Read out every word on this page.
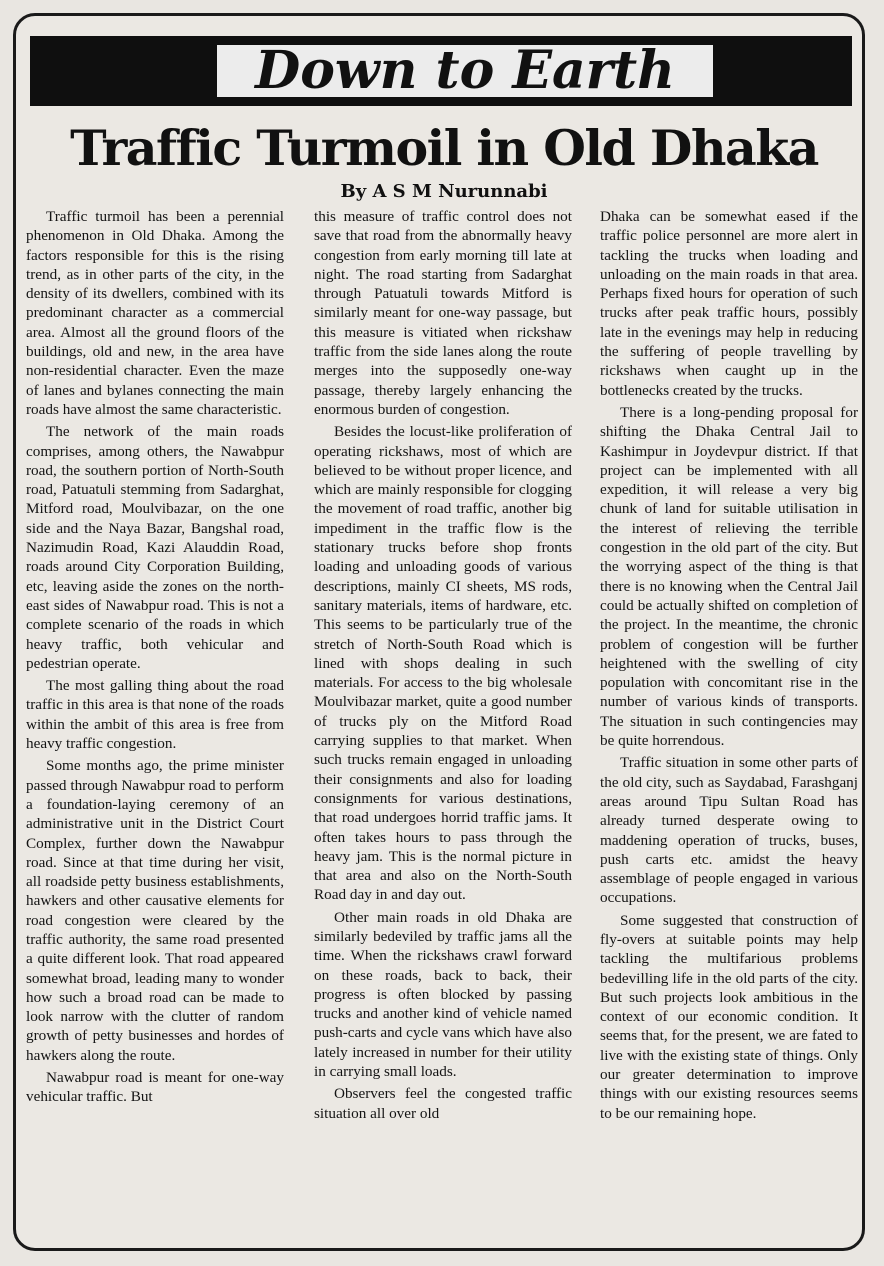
Down to Earth
Traffic Turmoil in Old Dhaka
By A S M Nurunnabi

Traffic turmoil has been a perennial phenomenon in Old Dhaka. Among the factors responsible for this is the rising trend, as in other parts of the city, in the density of its dwellers, combined with its predominant character as a commercial area. Almost all the ground floors of the buildings, old and new, in the area have non-residential character. Even the maze of lanes and bylanes connecting the main roads have almost the same characteristic.

The network of the main roads comprises, among others, the Nawabpur road, the southern portion of North-South road, Patuatuli stemming from Sadarghat, Mitford road, Moulvibazar, on the one side and the Naya Bazar, Bangshal road, Nazimudin Road, Kazi Alauddin Road, roads around City Corporation Building, etc, leaving aside the zones on the north-east sides of Nawabpur road. This is not a complete scenario of the roads in which heavy traffic, both vehicular and pedestrian operate.

The most galling thing about the road traffic in this area is that none of the roads within the ambit of this area is free from heavy traffic congestion.

Some months ago, the prime minister passed through Nawabpur road to perform a foundation-laying ceremony of an administrative unit in the District Court Complex, further down the Nawabpur road. Since at that time during her visit, all roadside petty business establishments, hawkers and other causative elements for road congestion were cleared by the traffic authority, the same road presented a quite different look. That road appeared somewhat broad, leading many to wonder how such a broad road can be made to look narrow with the clutter of random growth of petty businesses and hordes of hawkers along the route.

Nawabpur road is meant for one-way vehicular traffic. But

this measure of traffic control does not save that road from the abnormally heavy congestion from early morning till late at night. The road starting from Sadarghat through Patuatuli towards Mitford is similarly meant for one-way passage, but this measure is vitiated when rickshaw traffic from the side lanes along the route merges into the supposedly one-way passage, thereby largely enhancing the enormous burden of congestion.

Besides the locust-like proliferation of operating rickshaws, most of which are believed to be without proper licence, and which are mainly responsible for clogging the movement of road traffic, another big impediment in the traffic flow is the stationary trucks before shop fronts loading and unloading goods of various descriptions, mainly CI sheets, MS rods, sanitary materials, items of hardware, etc. This seems to be particularly true of the stretch of North-South Road which is lined with shops dealing in such materials. For access to the big wholesale Moulvibazar market, quite a good number of trucks ply on the Mitford Road carrying supplies to that market. When such trucks remain engaged in unloading their consignments and also for loading consignments for various destinations, that road undergoes horrid traffic jams. It often takes hours to pass through the heavy jam. This is the normal picture in that area and also on the North-South Road day in and day out.

Other main roads in old Dhaka are similarly bedeviled by traffic jams all the time. When the rickshaws crawl forward on these roads, back to back, their progress is often blocked by passing trucks and another kind of vehicle named push-carts and cycle vans which have also lately increased in number for their utility in carrying small loads.

Observers feel the congested traffic situation all over old

Dhaka can be somewhat eased if the traffic police personnel are more alert in tackling the trucks when loading and unloading on the main roads in that area. Perhaps fixed hours for operation of such trucks after peak traffic hours, possibly late in the evenings may help in reducing the suffering of people travelling by rickshaws when caught up in the bottlenecks created by the trucks.

There is a long-pending proposal for shifting the Dhaka Central Jail to Kashimpur in Joydevpur district. If that project can be implemented with all expedition, it will release a very big chunk of land for suitable utilisation in the interest of relieving the terrible congestion in the old part of the city. But the worrying aspect of the thing is that there is no knowing when the Central Jail could be actually shifted on completion of the project. In the meantime, the chronic problem of congestion will be further heightened with the swelling of city population with concomitant rise in the number of various kinds of transports. The situation in such contingencies may be quite horrendous.

Traffic situation in some other parts of the old city, such as Saydabad, Farashganj areas around Tipu Sultan Road has already turned desperate owing to maddening operation of trucks, buses, push carts etc. amidst the heavy assemblage of people engaged in various occupations.

Some suggested that construction of fly-overs at suitable points may help tackling the multifarious problems bedevilling life in the old parts of the city. But such projects look ambitious in the context of our economic condition. It seems that, for the present, we are fated to live with the existing state of things. Only our greater determination to improve things with our existing resources seems to be our remaining hope.
